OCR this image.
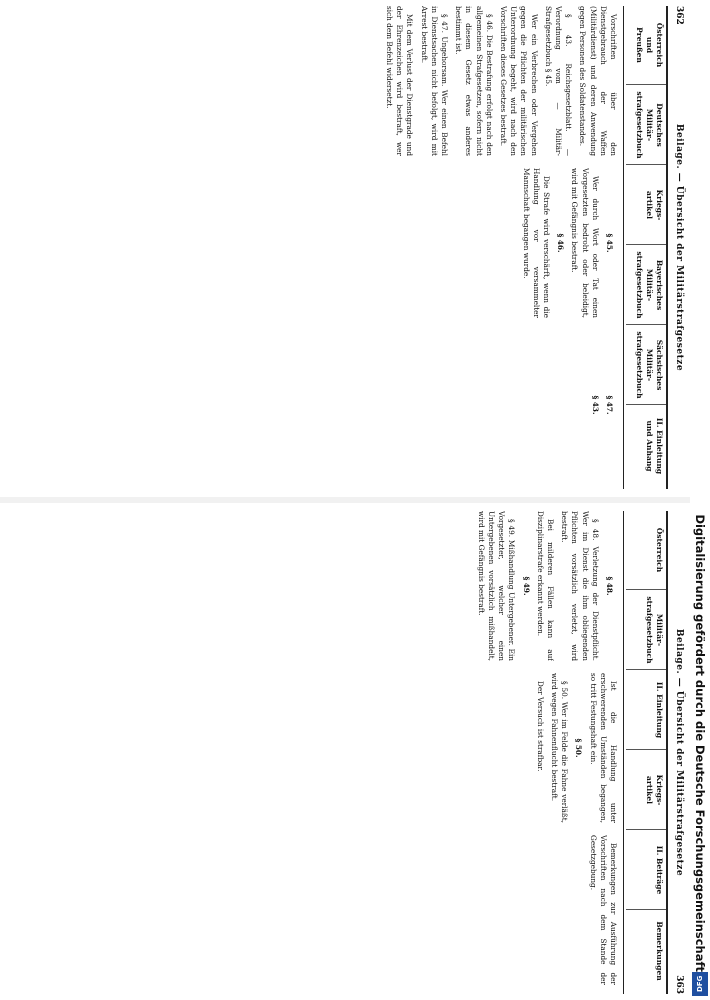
362
Beilage. — Übersicht der Militärstrafgesetze
Österreich
und
Preußen
Deutsches
Militär-
strafgesetzbuch
Kriegs-
artikel
Bayerisches
Militär-
strafgesetzbuch
Sächsisches
Militär-
strafgesetzbuch
II. Einleitung
und Anhang

Vorschriften über den Dienstgebrauch der Waffen (Militärdienst) und deren Anwendung gegen Personen des Soldatenstandes.

§ 43. Reichsgesetzblatt. — Verordnung vom — Militär-Strafgesetzbuch § 45.

Wer ein Verbrechen oder Vergehen gegen die Pflichten der militärischen Unterordnung begeht, wird nach den Vorschriften dieses Gesetzes bestraft.

§ 46. Die Bestrafung erfolgt nach den allgemeinen Strafgesetzen, sofern nicht in diesem Gesetz etwas anderes bestimmt ist.

§ 47. Ungehorsam. Wer einen Befehl in Dienstsachen nicht befolgt, wird mit Arrest bestraft.

Mit dem Verlust der Dienstgrade und der Ehrenzeichen wird bestraft, wer sich dem Befehl widersetzt.

§ 45.

Wer durch Wort oder Tat einen Vorgesetzten bedroht oder beleidigt, wird mit Gefängnis bestraft.

§ 46.

Die Strafe wird verschärft, wenn die Handlung vor versammelter Mannschaft begangen wurde.

§ 47.

§ 43.

363
Beilage. — Übersicht der Militärstrafgesetze
Österreich
Militär-
strafgesetzbuch
II. Einleitung
Kriegs-
artikel
II. Beiträge
Bemerkungen

§ 48.

§ 48. Verletzung der Dienstpflicht. Wer im Dienst die ihm obliegenden Pflichten vorsätzlich verletzt, wird bestraft.

Bei milderen Fällen kann auf Disziplinarstrafe erkannt werden.

§ 49.

§ 49. Mißhandlung Untergebener. Ein Vorgesetzter, welcher einen Untergebenen vorsätzlich mißhandelt, wird mit Gefängnis bestraft.

Ist die Handlung unter erschwerenden Umständen begangen, so tritt Festungshaft ein.

§ 50.

§ 50. Wer im Felde die Fahne verläßt, wird wegen Fahnenflucht bestraft.

Der Versuch ist strafbar.

Bemerkungen zur Ausführung der Vorschriften nach dem Stande der Gesetzgebung.	Digitalisierung gefördert durch die Deutsche Forschungsgemeinschaft
DFG
